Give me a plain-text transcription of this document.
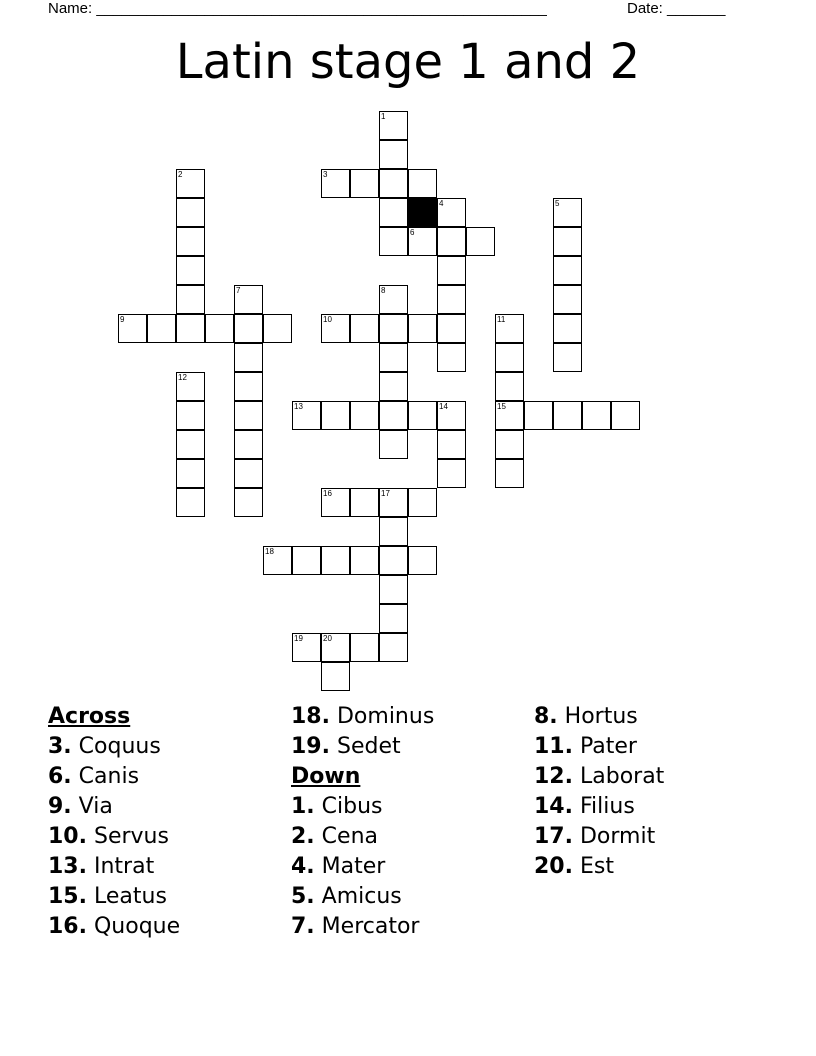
Name: ______________________________________________________	Date: _______
Latin stage 1 and 2
1
2	3
4	5
6
7	8
9	10	11
15
12
13	14
16	17
18
19	20
Across
3. Coquus
6. Canis
9. Via
10. Servus
13. Intrat
15. Leatus
16. Quoque
18. Dominus
19. Sedet
Down
1. Cibus
2. Cena
4. Mater
5. Amicus
7. Mercator
8. Hortus
11. Pater
12. Laborat
14. Filius
17. Dormit
20. Est
